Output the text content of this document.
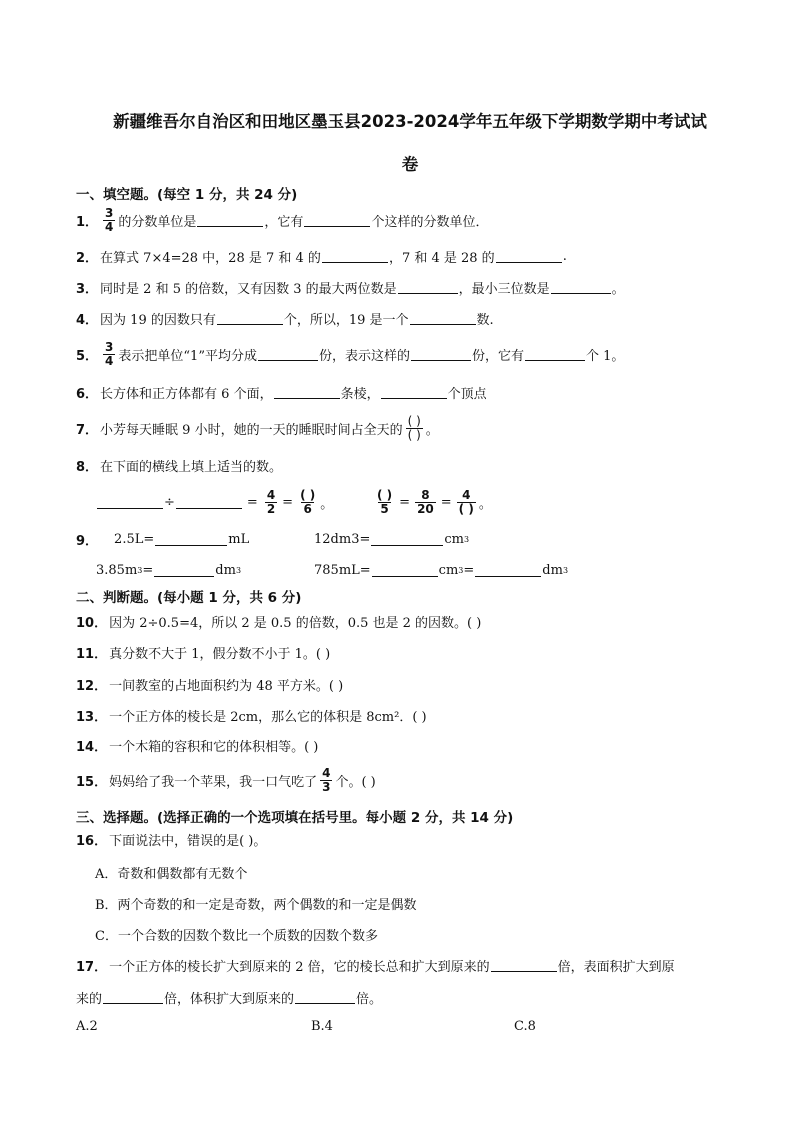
新疆维吾尔自治区和田地区墨玉县2023-2024学年五年级下学期数学期中考试试
卷
一、填空题。(每空 1 分，共 24 分)
1． $\frac{3}{4}$ 的分数单位是	，它有	个这样的分数单位．
2． 在算式 7×4=28 中，28 是 7 和 4 的	，7 和 4 是 28 的	.
3． 同时是 2 和 5 的倍数，又有因数 3 的最大两位数是	，最小三位数是	。
4． 因为 19 的因数只有	个，所以，19 是一个	数.
5． $\frac{3}{4}$ 表示把单位“1”平均分成	份，表示这样的	份，它有	个 1。
6． 长方体和正方体都有 6 个面，	条棱，	个顶点
7． 小芳每天睡眠 9 小时，她的一天的睡眠时间占全天的 $\frac{( )}{( )}$ 。
8． 在下面的横线上填上适当的数。
÷	= $\frac{4}{2} = \frac{( )}{6}$ 。	$\frac{( )}{5} = \frac{8}{20} = \frac{4}{( )}$ 。
9． 2.5L=	mL	12dm3=	cm 3
3.85m 3 =	dm 3	785mL=	cm 3 =	dm 3
二、判断题。(每小题 1 分，共 6 分)
10． 因为 2÷0.5=4，所以 2 是 0.5 的倍数，0.5 也是 2 的因数。( )
11． 真分数不大于 1，假分数不小于 1。( )
12． 一间教室的占地面积约为 48 平方米。( )
13． 一个正方体的棱长是 2cm，那么它的体积是 8cm²．( )
14． 一个木箱的容积和它的体积相等。( )
15． 妈妈给了我一个苹果，我一口气吃了 $\frac{4}{3}$ 个。( )
三、选择题。(选择正确的一个选项填在括号里。每小题 2 分，共 14 分)
16． 下面说法中，错误的是( )。
A．奇数和偶数都有无数个
B．两个奇数的和一定是奇数，两个偶数的和一定是偶数
C．一个合数的因数个数比一个质数的因数个数多
17． 一个正方体的棱长扩大到原来的 2 倍，它的棱长总和扩大到原来的	倍，表面积扩大到原
来的	倍，体积扩大到原来的	倍。
A.2	B.4	C.8
